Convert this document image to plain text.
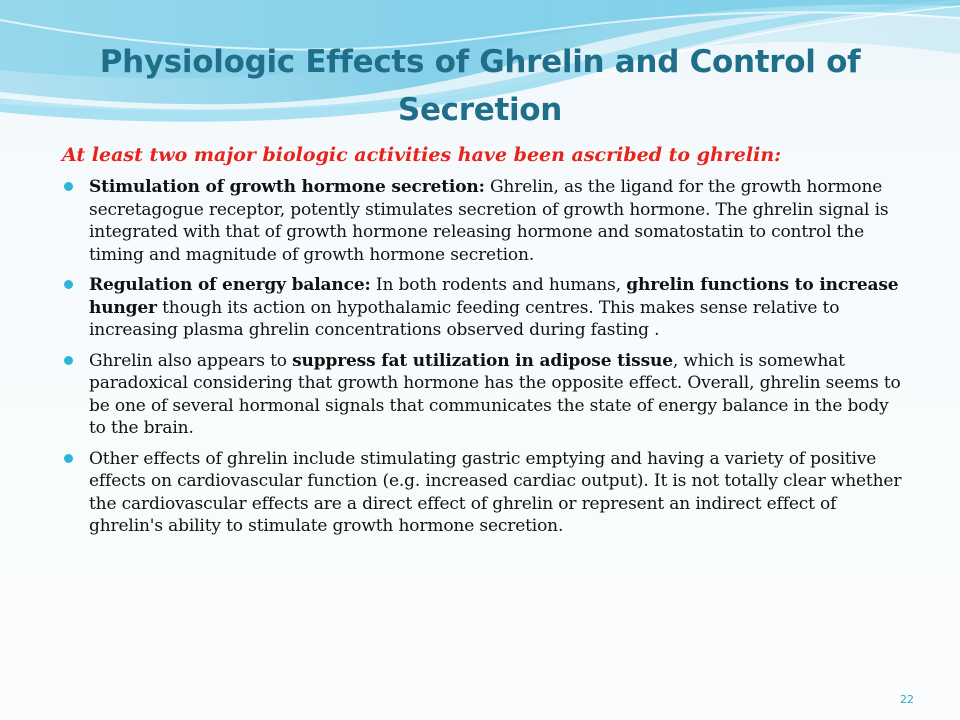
Physiologic Effects of Ghrelin and Control of Secretion

At least two major biologic activities have been ascribed to ghrelin:

Stimulation of growth hormone secretion: Ghrelin, as the ligand for the growth hormone secretagogue receptor, potently stimulates secretion of growth hormone. The ghrelin signal is integrated with that of growth hormone releasing hormone and somatostatin to control the timing and magnitude of growth hormone secretion.
Regulation of energy balance: In both rodents and humans, ghrelin functions to increase hunger though its action on hypothalamic feeding centres. This makes sense relative to increasing plasma ghrelin concentrations observed during fasting .
Ghrelin also appears to suppress fat utilization in adipose tissue, which is somewhat paradoxical considering that growth hormone has the opposite effect. Overall, ghrelin seems to be one of several hormonal signals that communicates the state of energy balance in the body to the brain.
Other effects of ghrelin include stimulating gastric emptying and having a variety of positive effects on cardiovascular function (e.g. increased cardiac output). It is not totally clear whether the cardiovascular effects are a direct effect of ghrelin or represent an indirect effect of ghrelin's ability to stimulate growth hormone secretion.
22
